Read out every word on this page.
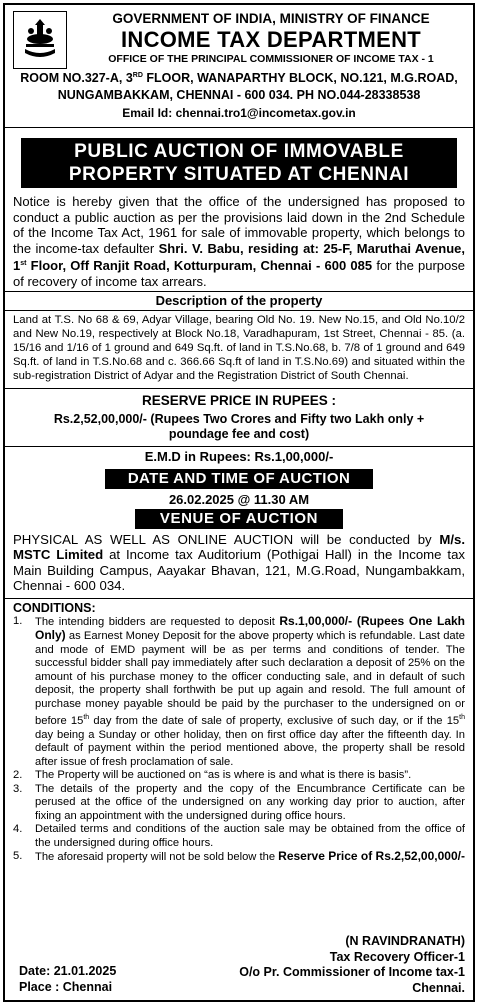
GOVERNMENT OF INDIA, MINISTRY OF FINANCE
INCOME TAX DEPARTMENT
OFFICE OF THE PRINCIPAL COMMISSIONER OF INCOME TAX - 1
ROOM NO.327-A, 3RD FLOOR, WANAPARTHY BLOCK, NO.121, M.G.ROAD,
NUNGAMBAKKAM, CHENNAI - 600 034. PH NO.044-28338538
Email Id: chennai.tro1@incometax.gov.in
PUBLIC AUCTION OF IMMOVABLE
PROPERTY SITUATED AT CHENNAI
Notice is hereby given that the office of the undersigned has proposed to conduct a public auction as per the provisions laid down in the 2nd Schedule of the Income Tax Act, 1961 for sale of immovable property, which belongs to the income-tax defaulter Shri. V. Babu, residing at: 25-F, Maruthai Avenue, 1st Floor, Off Ranjit Road, Kotturpuram, Chennai - 600 085 for the purpose of recovery of income tax arrears.
Description of the property
Land at T.S. No 68 & 69, Adyar Village, bearing Old No. 19. New No.15, and Old No.10/2 and New No.19, respectively at Block No.18, Varadhapuram, 1st Street, Chennai - 85. (a. 15/16 and 1/16 of 1 ground and 649 Sq.ft. of land in T.S.No.68, b. 7/8 of 1 ground and 649 Sq.ft. of land in T.S.No.68 and c. 366.66 Sq.ft of land in T.S.No.69) and situated within the sub-registration District of Adyar and the Registration District of South Chennai.
RESERVE PRICE IN RUPEES :
Rs.2,52,00,000/- (Rupees Two Crores and Fifty two Lakh only +
poundage fee and cost)
E.M.D in Rupees: Rs.1,00,000/-
DATE AND TIME OF AUCTION
26.02.2025 @ 11.30 AM
VENUE OF AUCTION
PHYSICAL AS WELL AS ONLINE AUCTION will be conducted by M/s. MSTC Limited at Income tax Auditorium (Pothigai Hall) in the Income tax Main Building Campus, Aayakar Bhavan, 121, M.G.Road, Nungambakkam, Chennai - 600 034.
CONDITIONS:
1.	The intending bidders are requested to deposit Rs.1,00,000/- (Rupees One Lakh Only) as Earnest Money Deposit for the above property which is refundable. Last date and mode of EMD payment will be as per terms and conditions of tender. The successful bidder shall pay immediately after such declaration a deposit of 25% on the amount of his purchase money to the officer conducting sale, and in default of such deposit, the property shall forthwith be put up again and resold. The full amount of purchase money payable should be paid by the purchaser to the undersigned on or before 15th day from the date of sale of property, exclusive of such day, or if the 15th day being a Sunday or other holiday, then on first office day after the fifteenth day. In default of payment within the period mentioned above, the property shall be resold after issue of fresh proclamation of sale.
2.	The Property will be auctioned on “as is where is and what is there is basis”.
3.	The details of the property and the copy of the Encumbrance Certificate can be perused at the office of the undersigned on any working day prior to auction, after fixing an appointment with the undersigned during office hours.
4.	Detailed terms and conditions of the auction sale may be obtained from the office of the undersigned during office hours.
5.	The aforesaid property will not be sold below the Reserve Price of Rs.2,52,00,000/-
(N RAVINDRANATH)
Tax Recovery Officer-1
O/o Pr. Commissioner of Income tax-1
Chennai.
Date: 21.01.2025
Place : Chennai
